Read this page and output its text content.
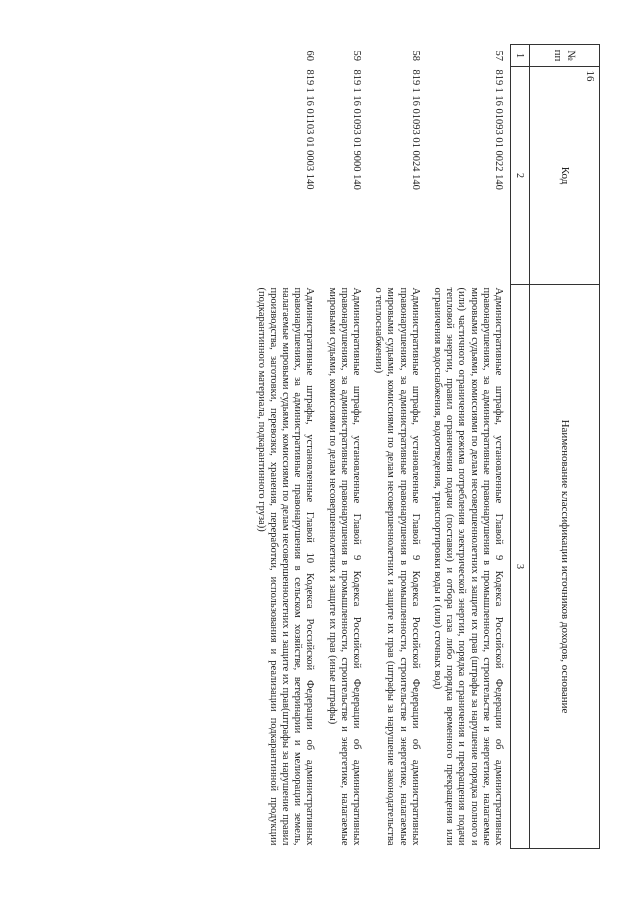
16
№ пп	Код		Наименование классификации источников доходов, основание
1	2		3
57	819	1 16 01093 01 0022 140	Административные штрафы, установленные Главой 9 Кодекса Российской Федерации об административных правонарушениях, за административные правонарушения в промышленности, строительстве и энергетике, налагаемые мировыми судьями, комиссиями по делам несовершеннолетних и защите их прав (штрафы за нарушение порядка полного и (или) частичного ограничения режима потребления электрической энергии, порядка ограничения и прекращения подачи тепловой энергии, правил ограничения подачи (поставки) и отбора газа либо порядка временного прекращения или ограничения водоснабжения, водоотведения, транспортировки воды и (или) сточных вод)
58	819	1 16 01093 01 0024 140	Административные штрафы, установленные Главой 9 Кодекса Российской Федерации об административных правонарушениях, за административные правонарушения в промышленности, строительстве и энергетике, налагаемые мировыми судьями, комиссиями по делам несовершеннолетних и защите их прав (штрафы за нарушение законодательства о теплоснабжении)
59	819	1 16 01093 01 9000 140	Административные штрафы, установленные Главой 9 Кодекса Российской Федерации об административных правонарушениях, за административные правонарушения в промышленности, строительстве и энергетике, налагаемые мировыми судьями, комиссиями по делам несовершеннолетних и защите их прав (иные штрафы)
60	819	1 16 01103 01 0003 140	Административные штрафы, установленные Главой 10 Кодекса Российской Федерации об административных правонарушениях, за административные правонарушения в сельском хозяйстве, ветеринарии и мелиорации земель, налагаемые мировыми судьями, комиссиями по делам несовершеннолетних и защите их прав(штрафы за нарушение правил производства, заготовки, перевозки, хранения, переработки, использования и реализации подкарантинной продукции (подкарантинного материала, подкарантинного груза))
